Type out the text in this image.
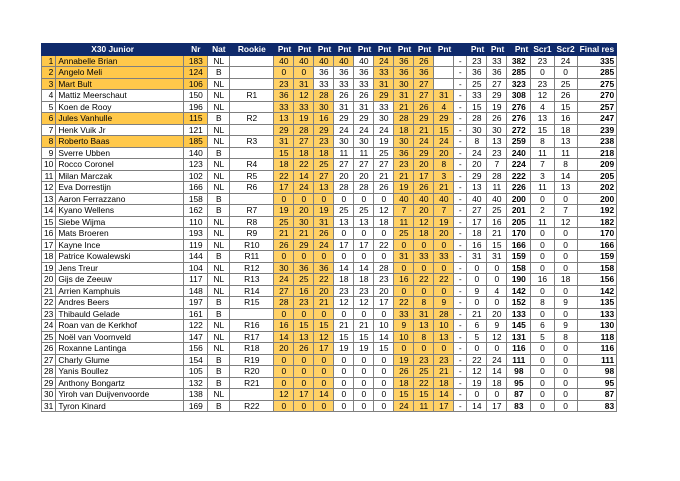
X30 Junior		Nr	Nat	Rookie	Pnt	Pnt	Pnt	Pnt	Pnt	Pnt	Pnt	Pnt	Pnt		Pnt	Pnt	Pnt	Scr1	Scr2	Final res
1	Annabelle Brian	183	NL		40	40	40	40	40	24	36	26		-	23	33	382	23	24	335
2	Angelo Meli	124	B		0	0	36	36	36	33	36	36		-	36	36	285	0	0	285
3	Mart Bult	106	NL		23	31	33	33	33	31	30	27		-	25	27	323	23	25	275
4	Mattiz Meerschaut	150	NL	R1	36	12	28	26	26	29	31	27	31	-	33	29	308	12	26	270
5	Koen de Rooy	196	NL		33	33	30	31	31	33	21	26	4	-	15	19	276	4	15	257
6	Jules Vanhulle	115	B	R2	13	19	16	29	29	30	28	29	29	-	28	26	276	13	16	247
7	Henk Vuik Jr	121	NL		29	28	29	24	24	24	18	21	15	-	30	30	272	15	18	239
8	Roberto Baas	185	NL	R3	31	27	23	30	30	19	30	24	24	-	8	13	259	8	13	238
9	Sverre Ubben	140	B		15	18	18	11	11	25	36	29	20	-	24	23	240	11	11	218
10	Rocco Coronel	123	NL	R4	18	22	25	27	27	27	23	20	8	-	20	7	224	7	8	209
11	Milan Marczak	102	NL	R5	22	14	27	20	20	21	21	17	3	-	29	28	222	3	14	205
12	Eva Dorrestijn	166	NL	R6	17	24	13	28	28	26	19	26	21	-	13	11	226	11	13	202
13	Aaron Ferrazzano	158	B		0	0	0	0	0	0	40	40	40	-	40	40	200	0	0	200
14	Kyano Wellens	162	B	R7	19	20	19	25	25	12	7	20	7	-	27	25	201	2	7	192
15	Siebe Wijma	110	NL	R8	25	30	31	13	13	18	11	12	19	-	17	16	205	11	12	182
16	Mats Broeren	193	NL	R9	21	21	26	0	0	0	25	18	20	-	18	21	170	0	0	170
17	Kayne Ince	119	NL	R10	26	29	24	17	17	22	0	0	0	-	16	15	166	0	0	166
18	Patrice Kowalewski	144	B	R11	0	0	0	0	0	0	31	33	33	-	31	31	159	0	0	159
19	Jens Treur	104	NL	R12	30	36	36	14	14	28	0	0	0	-	0	0	158	0	0	158
20	Gijs de Zeeuw	117	NL	R13	24	25	22	18	18	23	16	22	22	-	0	0	190	16	18	156
21	Arrien Kamphuis	148	NL	R14	27	16	20	23	23	20	0	0	0	-	9	4	142	0	0	142
22	Andres Beers	197	B	R15	28	23	21	12	12	17	22	8	9	-	0	0	152	8	9	135
23	Thibauld Gelade	161	B		0	0	0	0	0	0	33	31	28	-	21	20	133	0	0	133
24	Roan van de Kerkhof	122	NL	R16	16	15	15	21	21	10	9	13	10	-	6	9	145	6	9	130
25	Noël van Voornveld	147	NL	R17	14	13	12	15	15	14	10	8	13	-	5	12	131	5	8	118
26	Roxanne Lantinga	156	NL	R18	20	26	17	19	19	15	0	0	0	-	0	0	116	0	0	116
27	Charly Glume	154	B	R19	0	0	0	0	0	0	19	23	23	-	22	24	111	0	0	111
28	Yanis Boullez	105	B	R20	0	0	0	0	0	0	26	25	21	-	12	14	98	0	0	98
29	Anthony Bongartz	132	B	R21	0	0	0	0	0	0	18	22	18	-	19	18	95	0	0	95
30	Yiroh van Duijvenvoorde	138	NL		12	17	14	0	0	0	15	15	14	-	0	0	87	0	0	87
31	Tyron Kinard	169	B	R22	0	0	0	0	0	0	24	11	17	-	14	17	83	0	0	83
